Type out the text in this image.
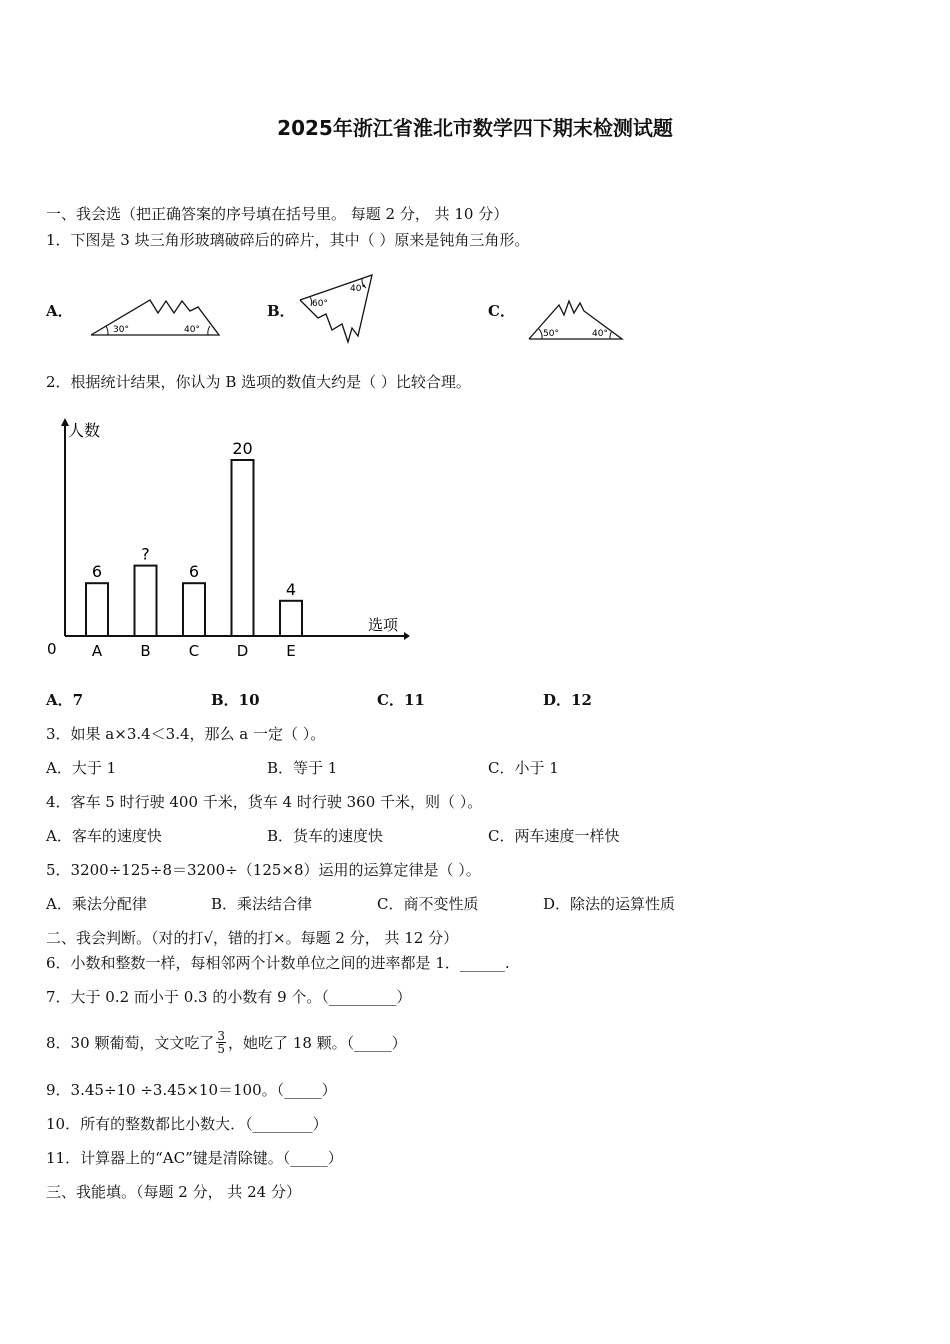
2025年浙江省淮北市数学四下期末检测试题
一、我会选（把正确答案的序号填在括号里。 每题 2 分， 共 10 分）
1．下图是 3 块三角形玻璃破碎后的碎片，其中（ ）原来是钝角三角形。
A．
30°	40°
B． 60°
40°
C．
50°	40°
2．根据统计结果，你认为 B 选项的数值大约是（ ）比较合理。
人数
选项
0
6
A
?
B
6
C
20
D
4
E
A．7	B．10	C．11	D．12
3．如果 a×3.4＜3.4，那么 a 一定（ ）。
A．大于 1	B．等于 1	C．小于 1
4．客车 5 时行驶 400 千米，货车 4 时行驶 360 千米，则（ ）。
A．客车的速度快	B．货车的速度快	C．两车速度一样快
5．3200÷125÷8＝3200÷（125×8）运用的运算定律是（ ）。
A．乘法分配律	B．乘法结合律	C．商不变性质	D．除法的运算性质
二、我会判断。（对的打√，错的打×。每题 2 分， 共 12 分）
6．小数和整数一样，每相邻两个计数单位之间的进率都是 1．______.
7．大于 0.2 而小于 0.3 的小数有 9 个。（_________）
8．30 颗葡萄，文文吃了 $\frac{3}{5}$ ，她吃了 18 颗。（_____）
9．3.45÷10 ÷3.45×10＝100。（_____）
10．所有的整数都比小数大．（________）
11．计算器上的“AC”键是清除键。（_____）
三、我能填。（每题 2 分， 共 24 分）
